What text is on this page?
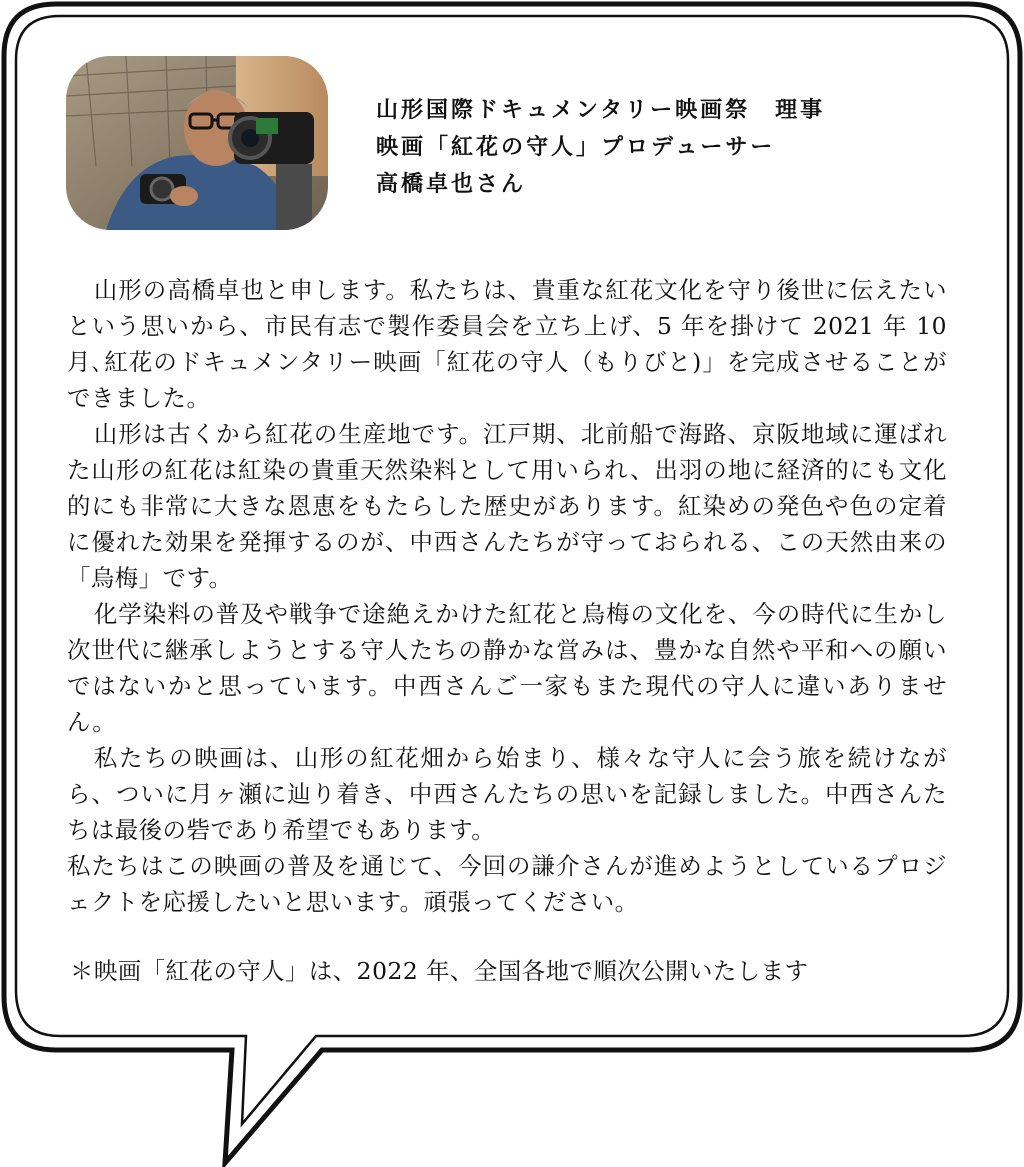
山形国際ドキュメンタリー映画祭　理事
映画「紅花の守人」プロデューサー
高橋卓也さん

山形の高橋卓也と申します。私たちは、貴重な紅花文化を守り後世に伝えたいという思いから、市民有志で製作委員会を立ち上げ、5 年を掛けて 2021 年 10 月､紅花のドキュメンタリー映画「紅花の守人（もりびと)」を完成させることができました。

山形は古くから紅花の生産地です。江戸期、北前船で海路、京阪地域に運ばれた山形の紅花は紅染の貴重天然染料として用いられ、出羽の地に経済的にも文化的にも非常に大きな恩恵をもたらした歴史があります。紅染めの発色や色の定着に優れた効果を発揮するのが、中西さんたちが守っておられる、この天然由来の「烏梅」です。

化学染料の普及や戦争で途絶えかけた紅花と烏梅の文化を、今の時代に生かし次世代に継承しようとする守人たちの静かな営みは、豊かな自然や平和への願いではないかと思っています。中西さんご一家もまた現代の守人に違いありません。

私たちの映画は、山形の紅花畑から始まり、様々な守人に会う旅を続けながら、ついに月ヶ瀬に辿り着き、中西さんたちの思いを記録しました。中西さんたちは最後の砦であり希望でもあります。

私たちはこの映画の普及を通じて、今回の謙介さんが進めようとしているプロジェクトを応援したいと思います。頑張ってください。

＊映画「紅花の守人」は、2022 年、全国各地で順次公開いたします
